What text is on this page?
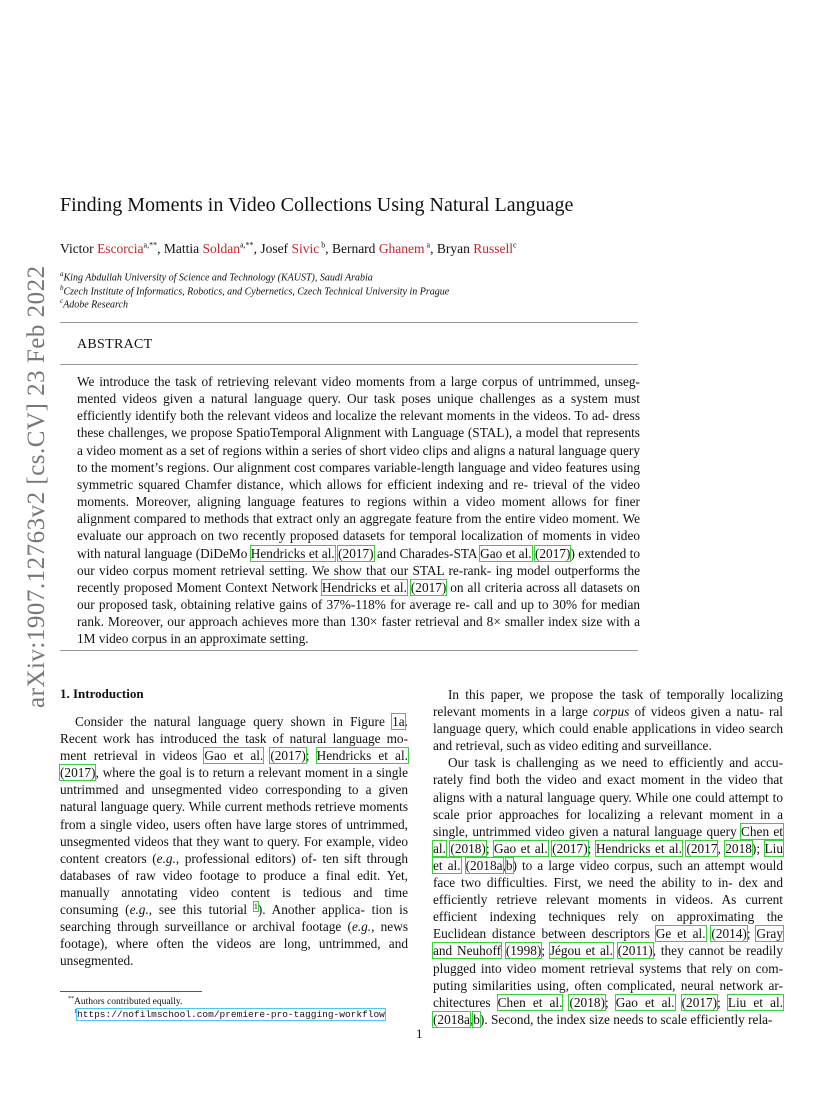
arXiv:1907.12763v2 [cs.CV] 23 Feb 2022
Finding Moments in Video Collections Using Natural Language
Victor Escorcia$^{a,**}$, Mattia Soldan$^{a,**}$, Josef Sivic $^b$, Bernard Ghanem $^a$, Bryan Russell$^c$
$^a$King Abdullah University of Science and Technology (KAUST), Saudi Arabia
$^b$Czech Institute of Informatics, Robotics, and Cybernetics, Czech Technical University in Prague
$^c$Adobe Research
ABSTRACT
We introduce the task of retrieving relevant video moments from a large corpus of untrimmed, unseg- mented videos given a natural language query. Our task poses unique challenges as a system must efficiently identify both the relevant videos and localize the relevant moments in the videos. To ad- dress these challenges, we propose SpatioTemporal Alignment with Language (STAL), a model that represents a video moment as a set of regions within a series of short video clips and aligns a natural language query to the moment’s regions. Our alignment cost compares variable-length language and video features using symmetric squared Chamfer distance, which allows for efficient indexing and re- trieval of the video moments. Moreover, aligning language features to regions within a video moment allows for finer alignment compared to methods that extract only an aggregate feature from the entire video moment. We evaluate our approach on two recently proposed datasets for temporal localization of moments in video with natural language (DiDeMo Hendricks et al. (2017) and Charades-STA Gao et al. (2017)) extended to our video corpus moment retrieval setting. We show that our STAL re-rank- ing model outperforms the recently proposed Moment Context Network Hendricks et al. (2017) on all criteria across all datasets on our proposed task, obtaining relative gains of 37%-118% for average re- call and up to 30% for median rank. Moreover, our approach achieves more than 130× faster retrieval and 8× smaller index size with a 1M video corpus in an approximate setting.
1. Introduction

Consider the natural language query shown in Figure 1a. Recent work has introduced the task of natural language mo- ment retrieval in videos Gao et al. (2017); Hendricks et al. (2017), where the goal is to return a relevant moment in a single untrimmed and unsegmented video corresponding to a given natural language query. While current methods retrieve moments from a single video, users often have large stores of untrimmed, unsegmented videos that they want to query. For example, video content creators (e.g., professional editors) of- ten sift through databases of raw video footage to produce a final edit. Yet, manually annotating video content is tedious and time consuming (e.g., see this tutorial $^1$). Another applica- tion is searching through surveillance or archival footage (e.g., news footage), where often the videos are long, untrimmed, and unsegmented.

In this paper, we propose the task of temporally localizing relevant moments in a large corpus of videos given a natu- ral language query, which could enable applications in video search and retrieval, such as video editing and surveillance.

Our task is challenging as we need to efficiently and accu- rately find both the video and exact moment in the video that aligns with a natural language query. While one could attempt to scale prior approaches for localizing a relevant moment in a single, untrimmed video given a natural language query Chen et al. (2018); Gao et al. (2017); Hendricks et al. (2017, 2018); Liu et al. (2018a,b) to a large video corpus, such an attempt would face two difficulties. First, we need the ability to in- dex and efficiently retrieve relevant moments in videos. As current efficient indexing techniques rely on approximating the Euclidean distance between descriptors Ge et al. (2014); Gray and Neuhoff (1998); Jégou et al. (2011), they cannot be readily plugged into video moment retrieval systems that rely on com- puting similarities using, often complicated, neural network ar- chitectures Chen et al. (2018); Gao et al. (2017); Liu et al. (2018a,b). Second, the index size needs to scale efficiently rela-

**Authors contributed equally.
$^1$https://nofilmschool.com/premiere-pro-tagging-workflow
1
